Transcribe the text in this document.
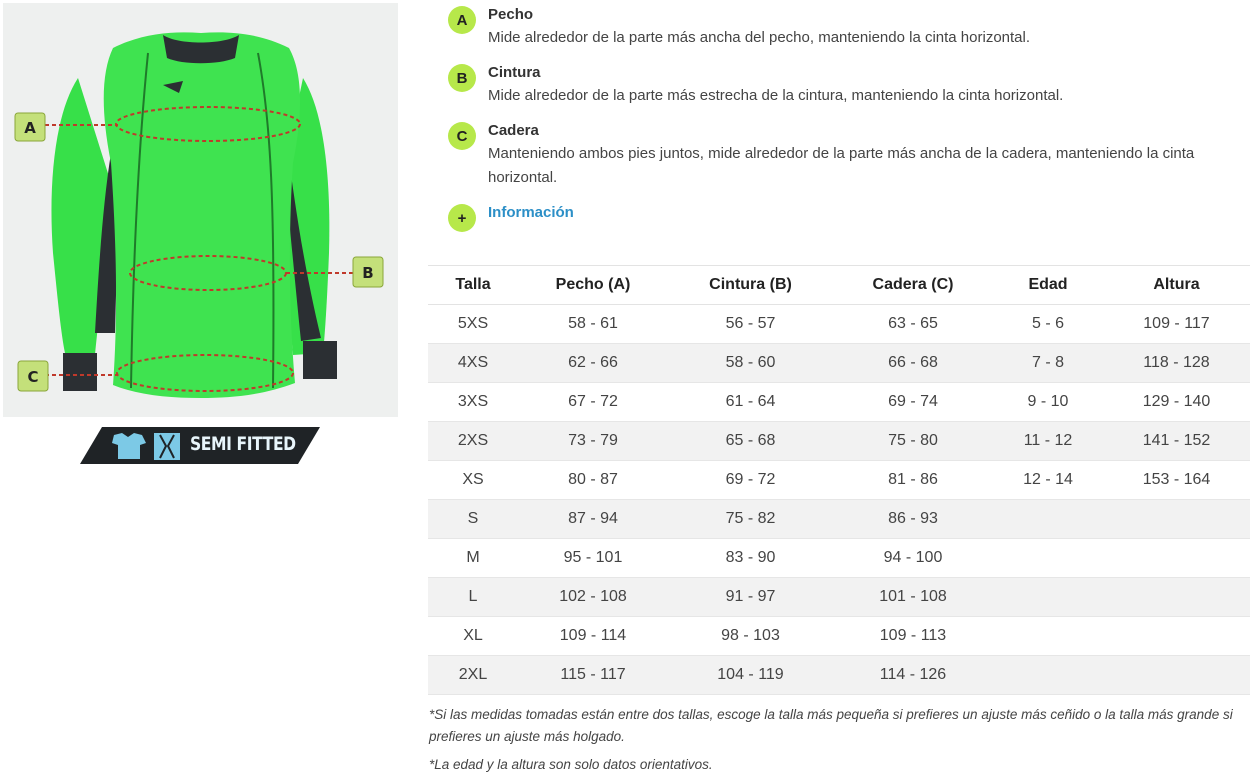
A
B
C
SEMI FITTED
A	Pecho
Mide alrededor de la parte más ancha del pecho, manteniendo la cinta horizontal.
B	Cintura
Mide alrededor de la parte más estrecha de la cintura, manteniendo la cinta horizontal.
C	Cadera
Manteniendo ambos pies juntos, mide alrededor de la parte más ancha de la cadera, manteniendo la cinta horizontal.
+	Información
Talla	Pecho (A)	Cintura (B)	Cadera (C)	Edad	Altura
5XS	58 - 61	56 - 57	63 - 65	5 - 6	109 - 117
4XS	62 - 66	58 - 60	66 - 68	7 - 8	118 - 128
3XS	67 - 72	61 - 64	69 - 74	9 - 10	129 - 140
2XS	73 - 79	65 - 68	75 - 80	11 - 12	141 - 152
XS	80 - 87	69 - 72	81 - 86	12 - 14	153 - 164
S	87 - 94	75 - 82	86 - 93		
M	95 - 101	83 - 90	94 - 100		
L	102 - 108	91 - 97	101 - 108		
XL	109 - 114	98 - 103	109 - 113		
2XL	115 - 117	104 - 119	114 - 126		
*Si las medidas tomadas están entre dos tallas, escoge la talla más pequeña si prefieres un ajuste más ceñido o la talla más grande si prefieres un ajuste más holgado.
*La edad y la altura son solo datos orientativos.
